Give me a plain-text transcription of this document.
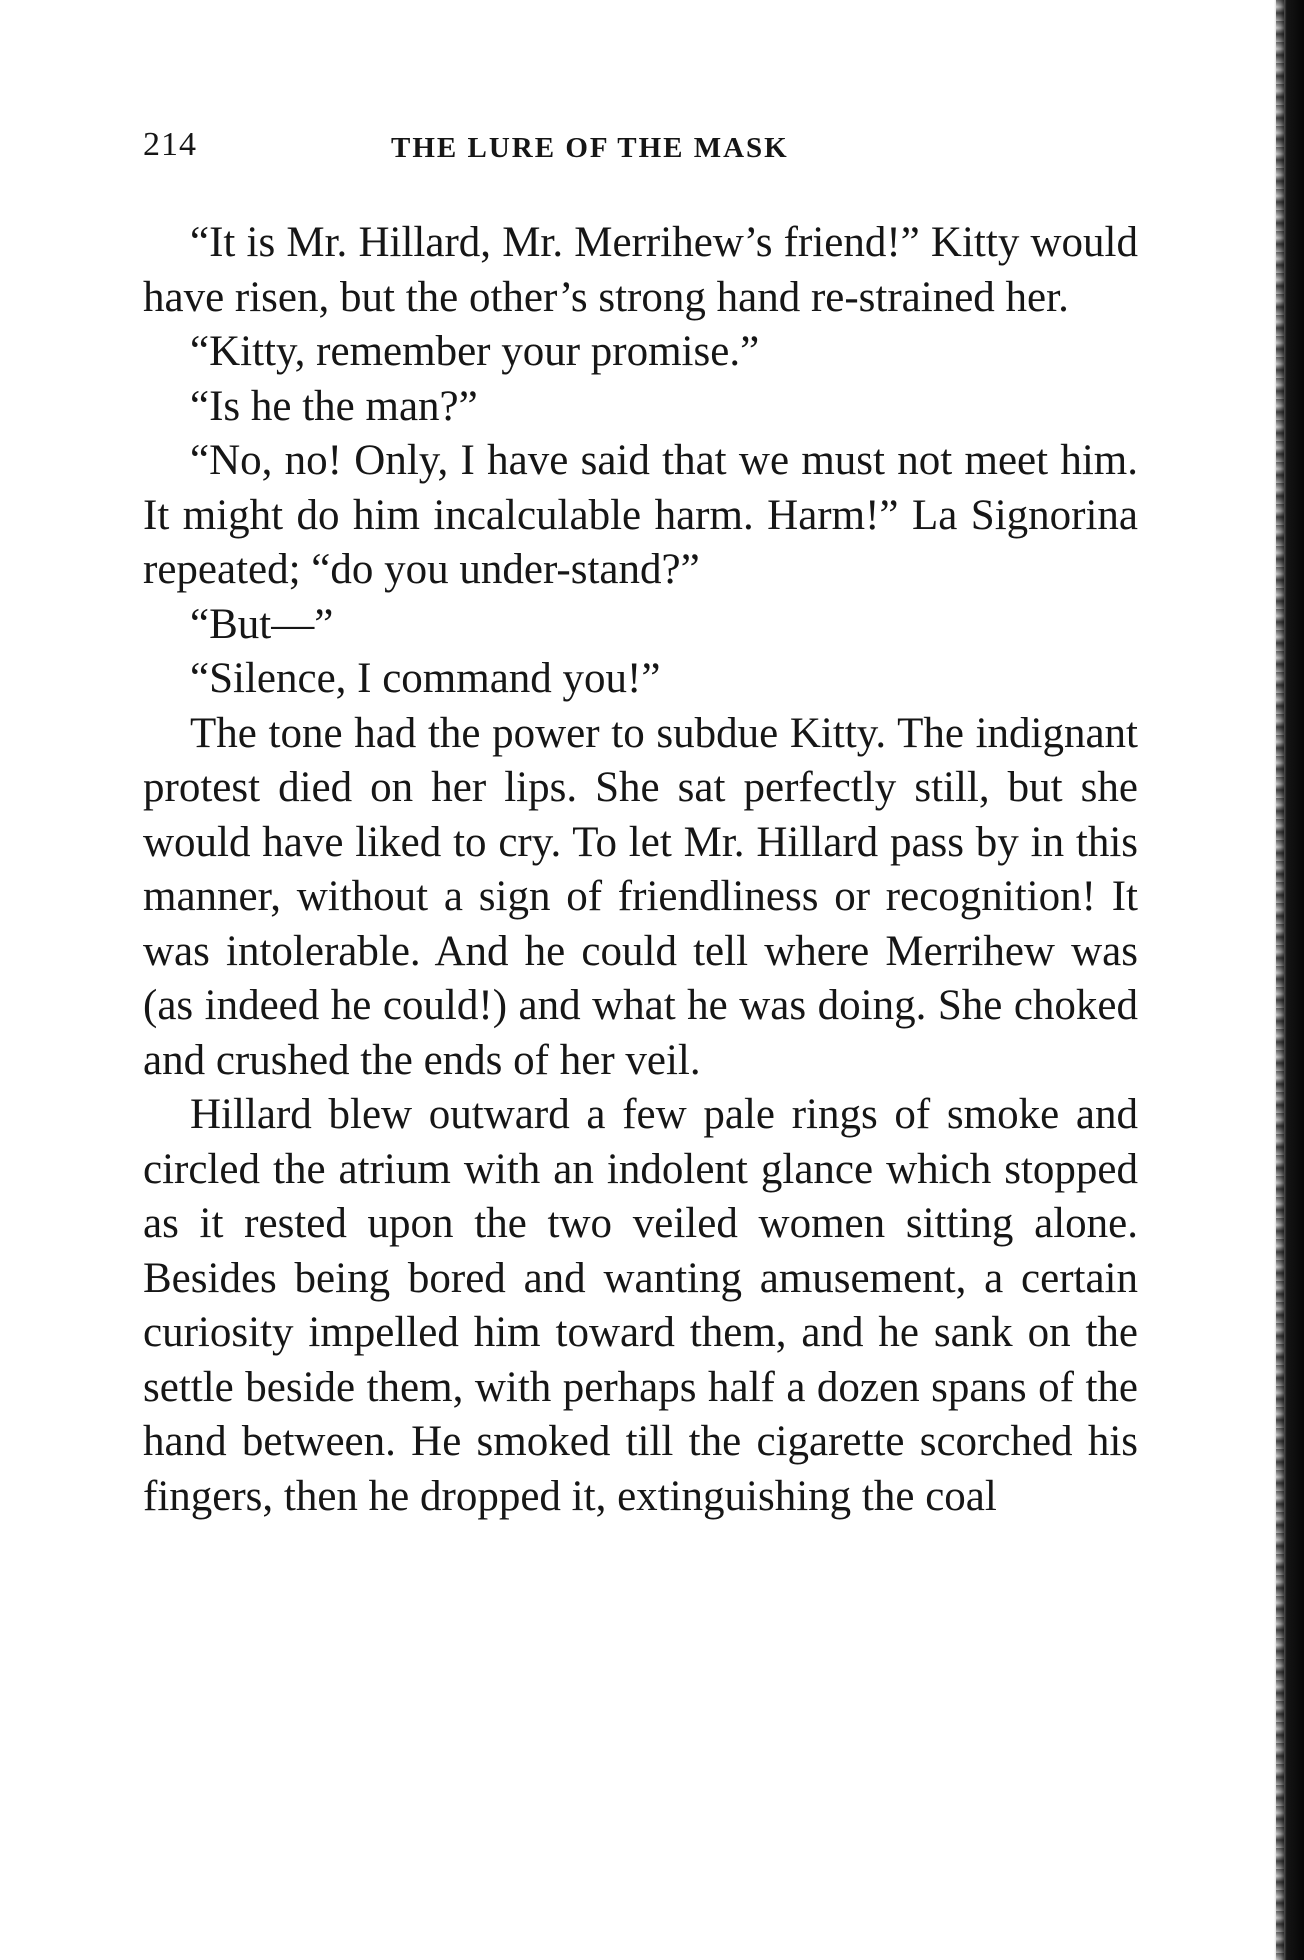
214	THE LURE OF THE MASK

“It is Mr. Hillard, Mr. Merrihew’s friend!” Kitty would have risen, but the other’s strong hand re-strained her.

“Kitty, remember your promise.”

“Is he the man?”

“No, no! Only, I have said that we must not meet him. It might do him incalculable harm. Harm!” La Signorina repeated; “do you under-stand?”

“But—”

“Silence, I command you!”

The tone had the power to subdue Kitty. The indignant protest died on her lips. She sat perfectly still, but she would have liked to cry. To let Mr. Hillard pass by in this manner, without a sign of friendliness or recognition! It was intolerable. And he could tell where Merrihew was (as indeed he could!) and what he was doing. She choked and crushed the ends of her veil.

Hillard blew outward a few pale rings of smoke and circled the atrium with an indolent glance which stopped as it rested upon the two veiled women sitting alone. Besides being bored and wanting amusement, a certain curiosity impelled him toward them, and he sank on the settle beside them, with perhaps half a dozen spans of the hand between. He smoked till the cigarette scorched his fingers, then he dropped it, extinguishing the coal
